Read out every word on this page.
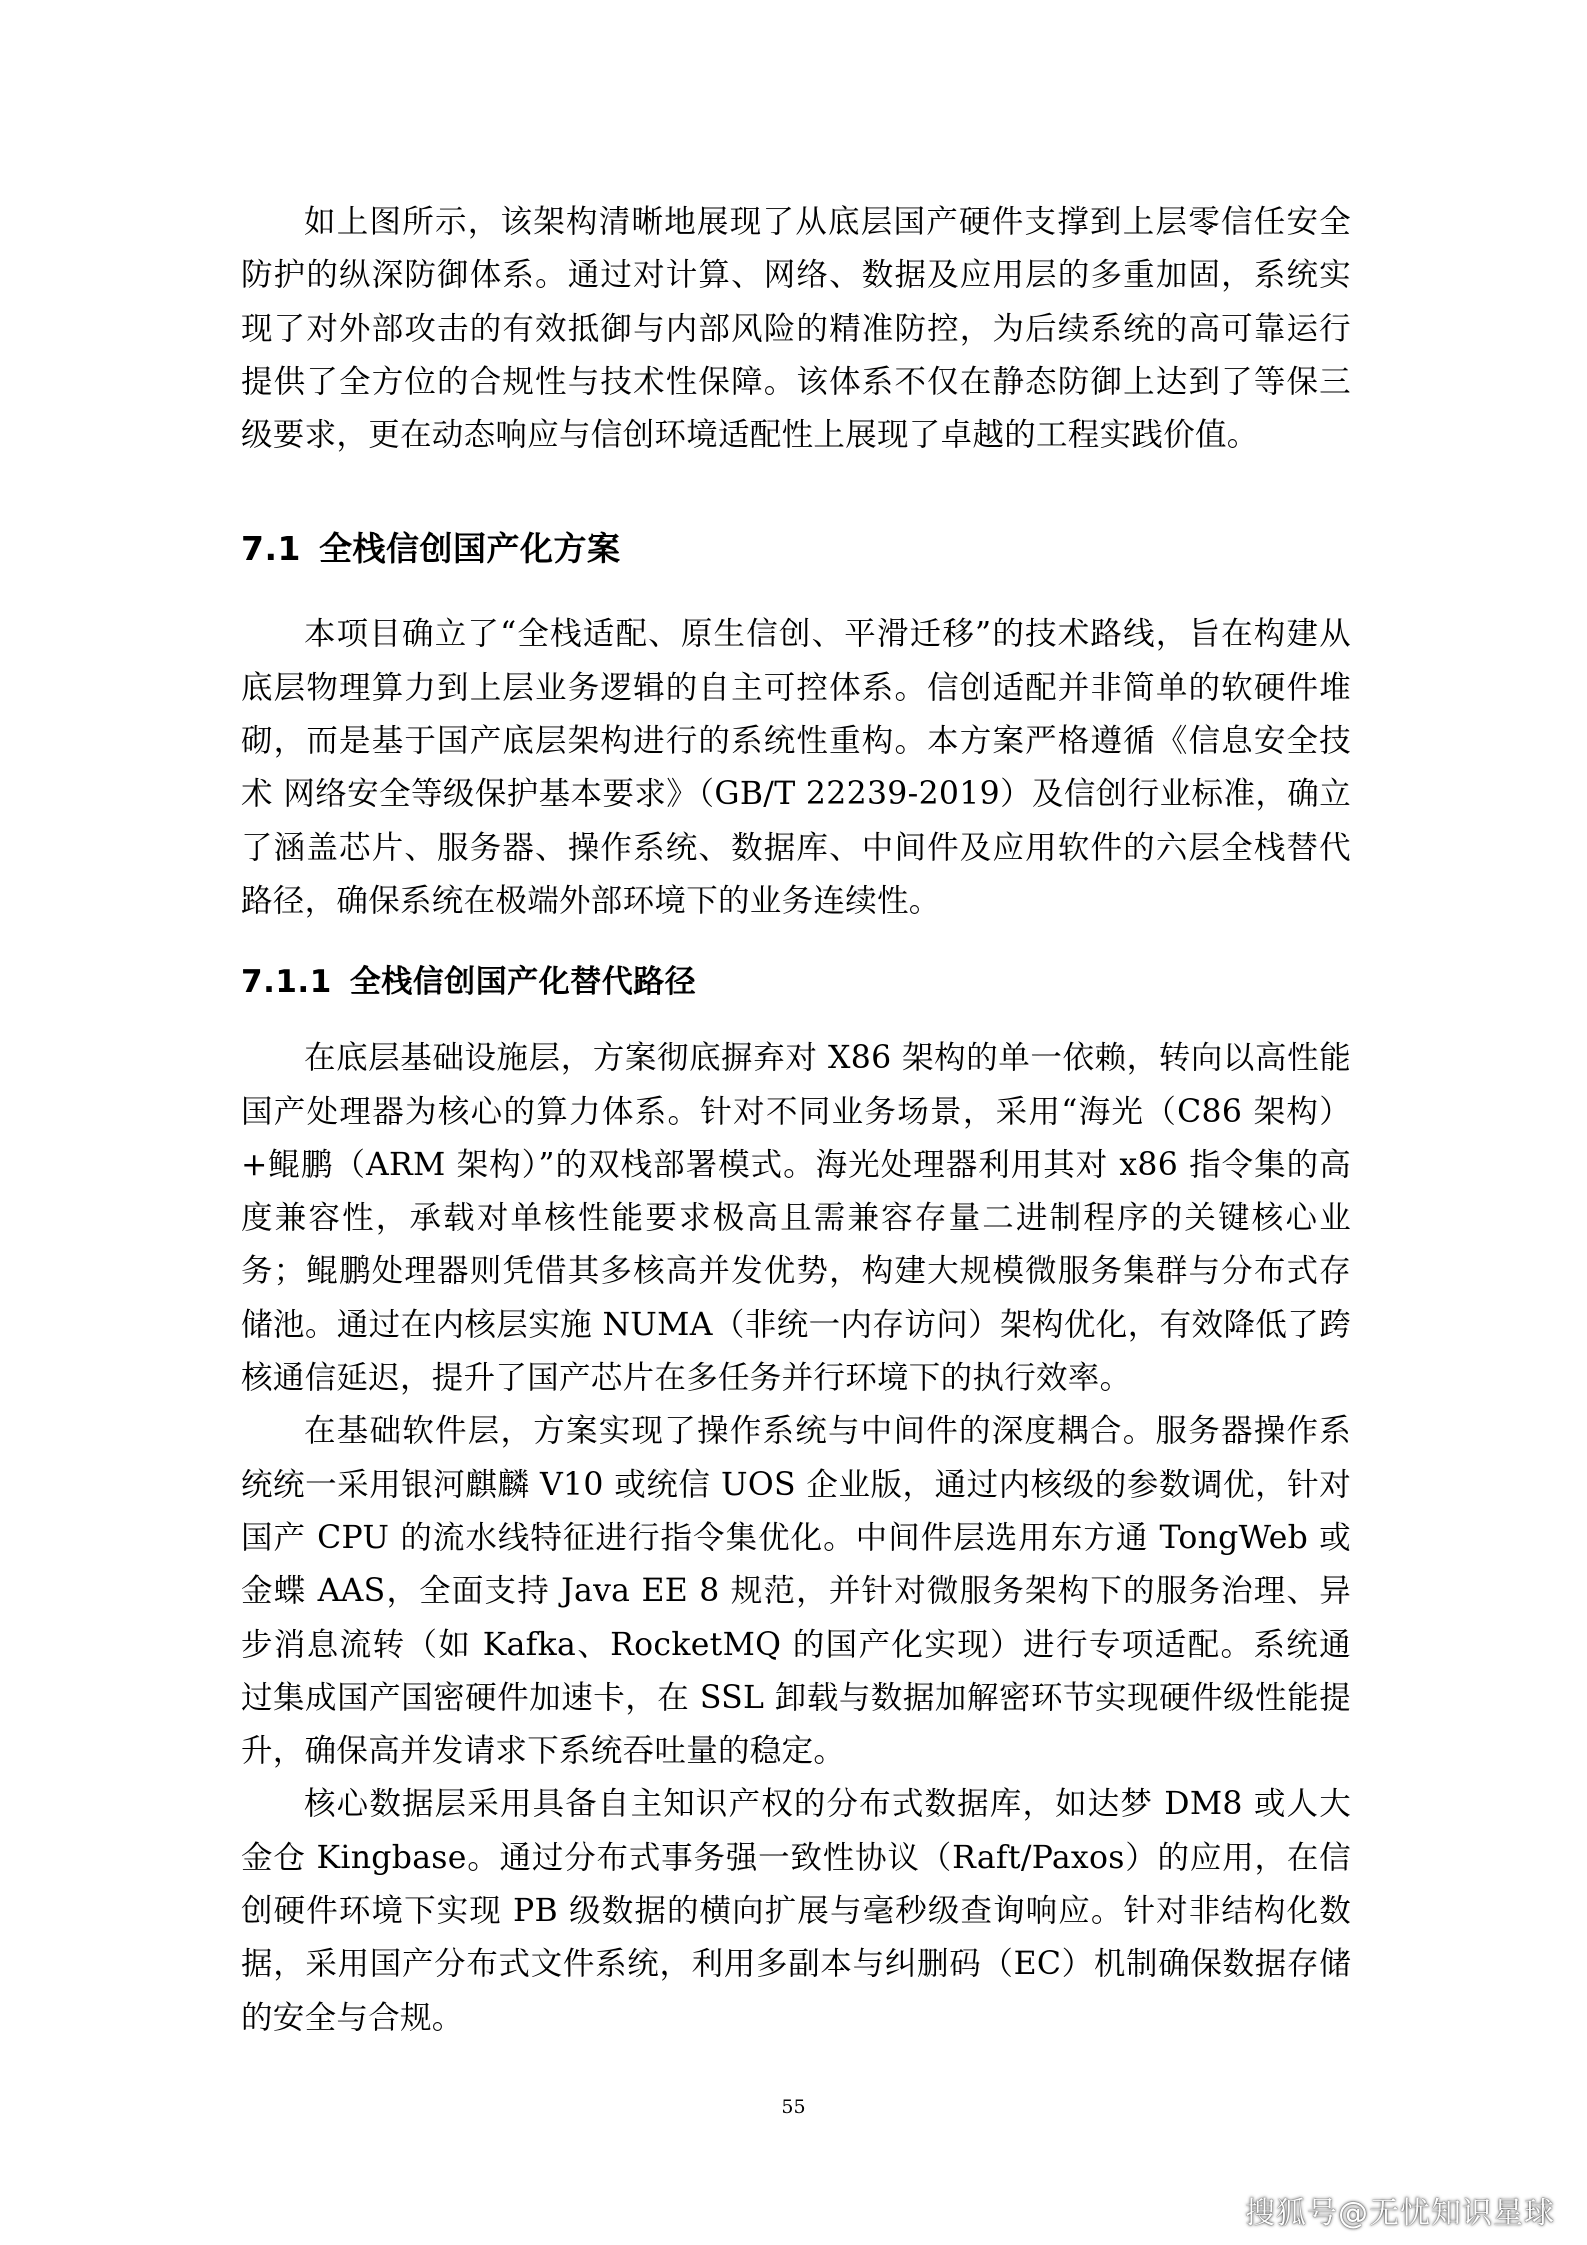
如上图所示，该架构清晰地展现了从底层国产硬件支撑到上层零信任安全防护的纵深防御体系。通过对计算、网络、数据及应用层的多重加固，系统实现了对外部攻击的有效抵御与内部风险的精准防控，为后续系统的高可靠运行提供了全方位的合规性与技术性保障。该体系不仅在静态防御上达到了等保三级要求，更在动态响应与信创环境适配性上展现了卓越的工程实践价值。

7.1 全栈信创国产化方案

本项目确立了“全栈适配、原生信创、平滑迁移”的技术路线，旨在构建从底层物理算力到上层业务逻辑的自主可控体系。信创适配并非简单的软硬件堆砌，而是基于国产底层架构进行的系统性重构。本方案严格遵循《信息安全技术 网络安全等级保护基本要求》（GB/T 22239-2019）及信创行业标准，确立了涵盖芯片、服务器、操作系统、数据库、中间件及应用软件的六层全栈替代路径，确保系统在极端外部环境下的业务连续性。

7.1.1 全栈信创国产化替代路径

在底层基础设施层，方案彻底摒弃对 X86 架构的单一依赖，转向以高性能国产处理器为核心的算力体系。针对不同业务场景，采用“海光（C86 架构）+鲲鹏（ARM 架构）”的双栈部署模式。海光处理器利用其对 x86 指令集的高度兼容性，承载对单核性能要求极高且需兼容存量二进制程序的关键核心业务；鲲鹏处理器则凭借其多核高并发优势，构建大规模微服务集群与分布式存储池。通过在内核层实施 NUMA（非统一内存访问）架构优化，有效降低了跨核通信延迟，提升了国产芯片在多任务并行环境下的执行效率。

在基础软件层，方案实现了操作系统与中间件的深度耦合。服务器操作系统统一采用银河麒麟 V10 或统信 UOS 企业版，通过内核级的参数调优，针对国产 CPU 的流水线特征进行指令集优化。中间件层选用东方通 TongWeb 或金蝶 AAS，全面支持 Java EE 8 规范，并针对微服务架构下的服务治理、异步消息流转（如 Kafka、RocketMQ 的国产化实现）进行专项适配。系统通过集成国产国密硬件加速卡，在 SSL 卸载与数据加解密环节实现硬件级性能提升，确保高并发请求下系统吞吐量的稳定。

核心数据层采用具备自主知识产权的分布式数据库，如达梦 DM8 或人大金仓 Kingbase。通过分布式事务强一致性协议（Raft/Paxos）的应用，在信创硬件环境下实现 PB 级数据的横向扩展与毫秒级查询响应。针对非结构化数据，采用国产分布式文件系统，利用多副本与纠删码（EC）机制确保数据存储的安全与合规。

55
搜狐号@无忧知识星球
